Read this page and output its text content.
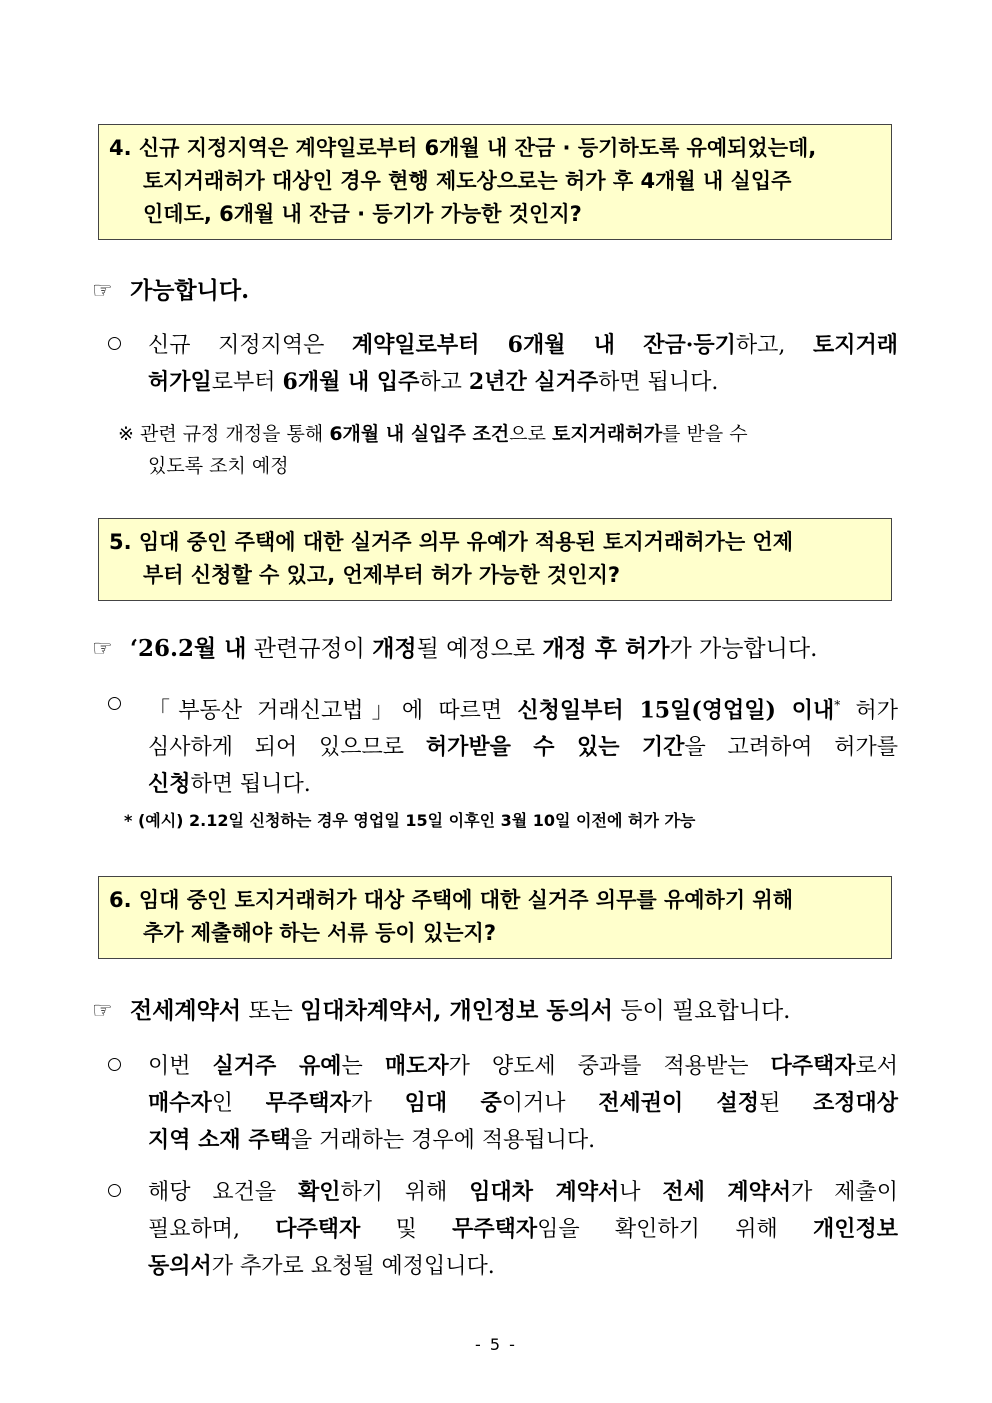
4. 신규 지정지역은 계약일로부터 6개월 내 잔금 · 등기하도록 유예되었는데,
토지거래허가 대상인 경우 현행 제도상으로는 허가 후 4개월 내 실입주
인데도, 6개월 내 잔금 · 등기가 가능한 것인지?
☞ 가능합니다.
신규 지정지역은 계약일로부터 6개월 내 잔금·등기하고, 토지거래
허가일로부터 6개월 내 입주하고 2년간 실거주하면 됩니다.
※ 관련 규정 개정을 통해 6개월 내 실입주 조건으로 토지거래허가를 받을 수
있도록 조치 예정
5. 임대 중인 주택에 대한 실거주 의무 유예가 적용된 토지거래허가는 언제
부터 신청할 수 있고, 언제부터 허가 가능한 것인지?
☞ ‘26.2월 내 관련규정이 개정될 예정으로 개정 후 허가가 가능합니다.
「부동산 거래신고법」에 따르면 신청일부터 15일(영업일) 이내* 허가
심사하게 되어 있으므로 허가받을 수 있는 기간을 고려하여 허가를
신청하면 됩니다.
* (예시) 2.12일 신청하는 경우 영업일 15일 이후인 3월 10일 이전에 허가 가능
6. 임대 중인 토지거래허가 대상 주택에 대한 실거주 의무를 유예하기 위해
추가 제출해야 하는 서류 등이 있는지?
☞ 전세계약서 또는 임대차계약서, 개인정보 동의서 등이 필요합니다.
이번 실거주 유예는 매도자가 양도세 중과를 적용받는 다주택자로서
매수자인 무주택자가 임대 중이거나 전세권이 설정된 조정대상
지역 소재 주택을 거래하는 경우에 적용됩니다.
해당 요건을 확인하기 위해 임대차 계약서나 전세 계약서가 제출이
필요하며, 다주택자 및 무주택자임을 확인하기 위해 개인정보
동의서가 추가로 요청될 예정입니다.
- 5 -
